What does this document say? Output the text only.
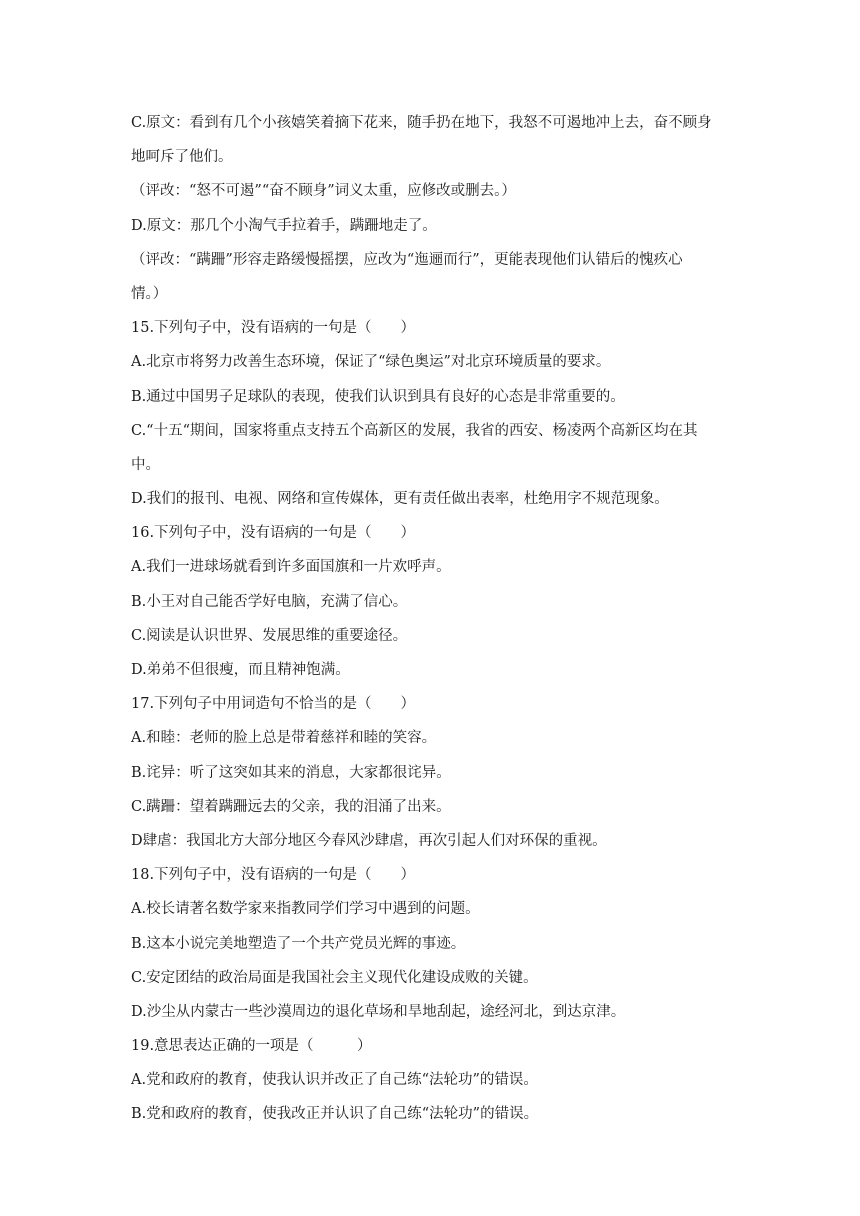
C.原文：看到有几个小孩嬉笑着摘下花来，随手扔在地下，我怒不可遏地冲上去，奋不顾身
地呵斥了他们。
（评改：“怒不可遏”“奋不顾身”词义太重，应修改或删去。）
D.原文：那几个小淘气手拉着手，蹒跚地走了。
（评改：“蹒跚”形容走路缓慢摇摆，应改为“迤逦而行”，更能表现他们认错后的愧疚心
情。）
15.下列句子中，没有语病的一句是（　　）
A.北京市将努力改善生态环境，保证了“绿色奥运”对北京环境质量的要求。
B.通过中国男子足球队的表现，使我们认识到具有良好的心态是非常重要的。
C.“十五“期间，国家将重点支持五个高新区的发展，我省的西安、杨凌两个高新区均在其
中。
D.我们的报刊、电视、网络和宣传媒体，更有责任做出表率，杜绝用字不规范现象。
16.下列句子中，没有语病的一句是（　　）
A.我们一进球场就看到许多面国旗和一片欢呼声。
B.小王对自己能否学好电脑，充满了信心。
C.阅读是认识世界、发展思维的重要途径。
D.弟弟不但很瘦，而且精神饱满。
17.下列句子中用词造句不恰当的是（　　）
A.和睦：老师的脸上总是带着慈祥和睦的笑容。
B.诧异：听了这突如其来的消息，大家都很诧异。
C.蹒跚：望着蹒跚远去的父亲，我的泪涌了出来。
D肆虐：我国北方大部分地区今春风沙肆虐，再次引起人们对环保的重视。
18.下列句子中，没有语病的一句是（　　）
A.校长请著名数学家来指教同学们学习中遇到的问题。
B.这本小说完美地塑造了一个共产党员光辉的事迹。
C.安定团结的政治局面是我国社会主义现代化建设成败的关键。
D.沙尘从内蒙古一些沙漠周边的退化草场和旱地刮起，途经河北，到达京津。
19.意思表达正确的一项是（　　　）
A.党和政府的教育，使我认识并改正了自己练“法轮功”的错误。
B.党和政府的教育，使我改正并认识了自己练“法轮功”的错误。
